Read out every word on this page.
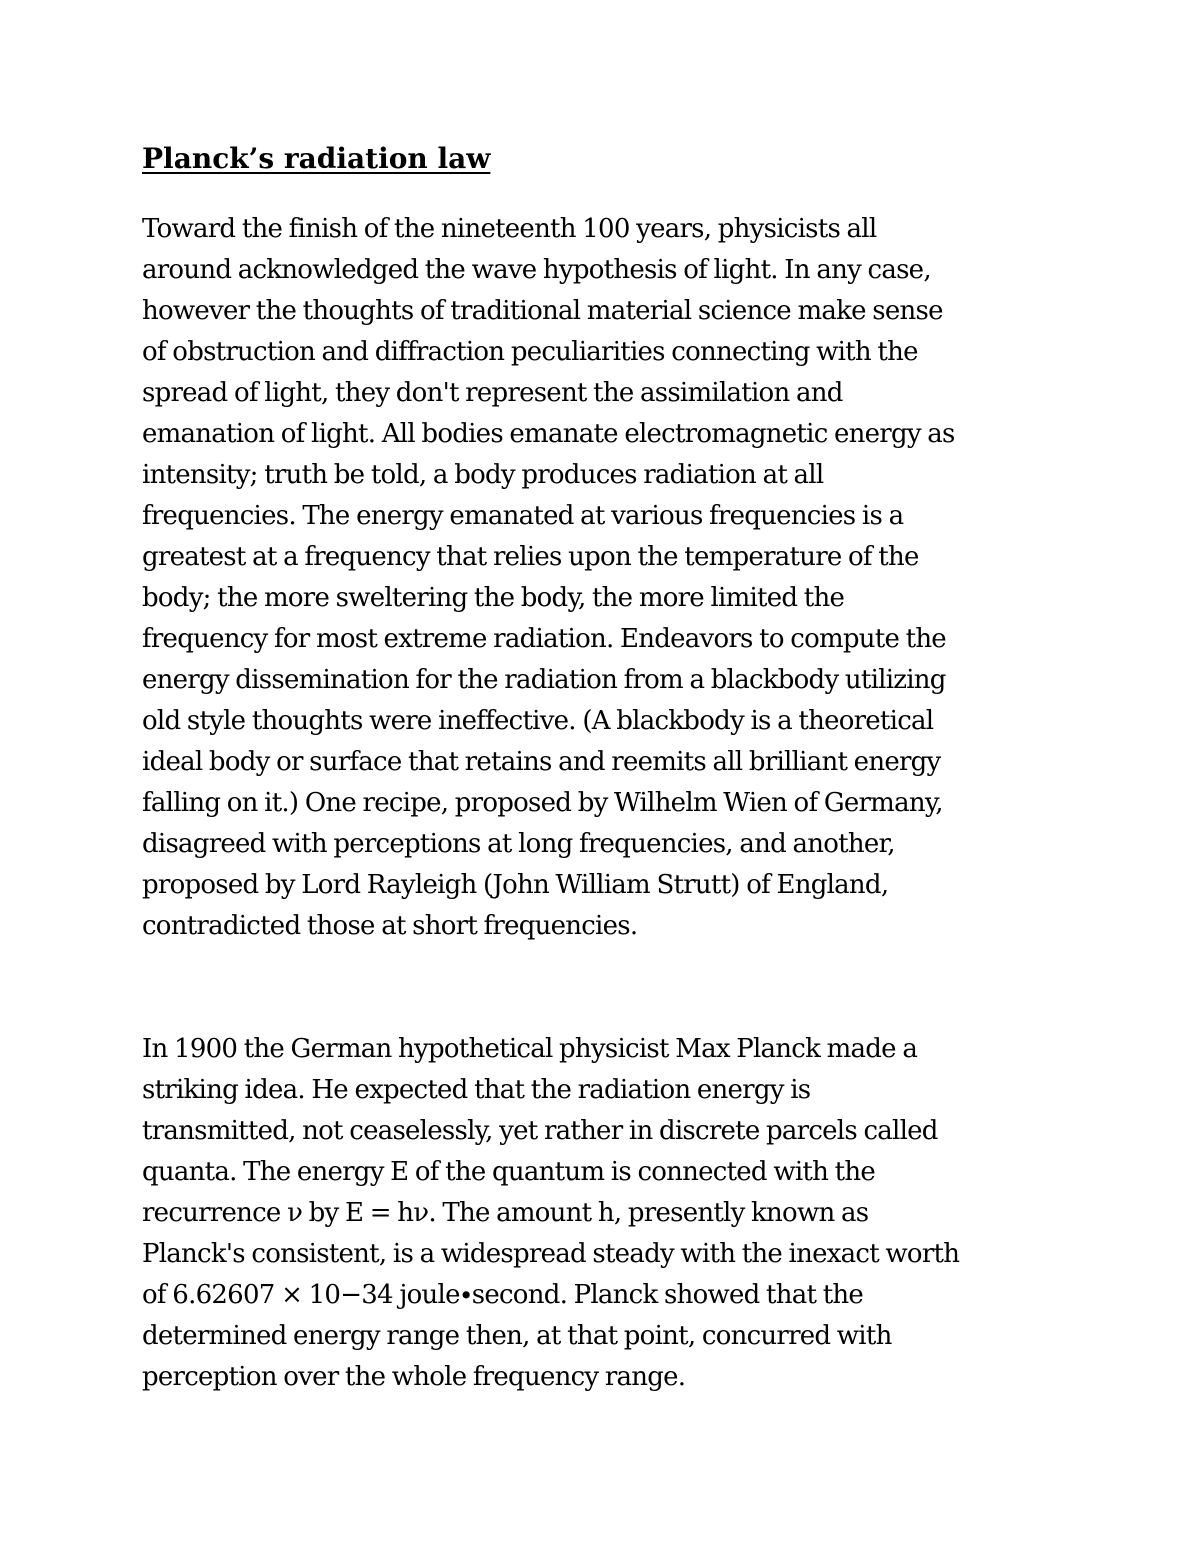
Planck’s radiation law

Toward the finish of the nineteenth 100 years, physicists all
around acknowledged the wave hypothesis of light. In any case,
however the thoughts of traditional material science make sense
of obstruction and diffraction peculiarities connecting with the
spread of light, they don't represent the assimilation and
emanation of light. All bodies emanate electromagnetic energy as
intensity; truth be told, a body produces radiation at all
frequencies. The energy emanated at various frequencies is a
greatest at a frequency that relies upon the temperature of the
body; the more sweltering the body, the more limited the
frequency for most extreme radiation. Endeavors to compute the
energy dissemination for the radiation from a blackbody utilizing
old style thoughts were ineffective. (A blackbody is a theoretical
ideal body or surface that retains and reemits all brilliant energy
falling on it.) One recipe, proposed by Wilhelm Wien of Germany,
disagreed with perceptions at long frequencies, and another,
proposed by Lord Rayleigh (John William Strutt) of England,
contradicted those at short frequencies.

In 1900 the German hypothetical physicist Max Planck made a
striking idea. He expected that the radiation energy is
transmitted, not ceaselessly, yet rather in discrete parcels called
quanta. The energy E of the quantum is connected with the
recurrence ν by E = hν. The amount h, presently known as
Planck's consistent, is a widespread steady with the inexact worth
of 6.62607 × 10−34 joule∙second. Planck showed that the
determined energy range then, at that point, concurred with
perception over the whole frequency range.
